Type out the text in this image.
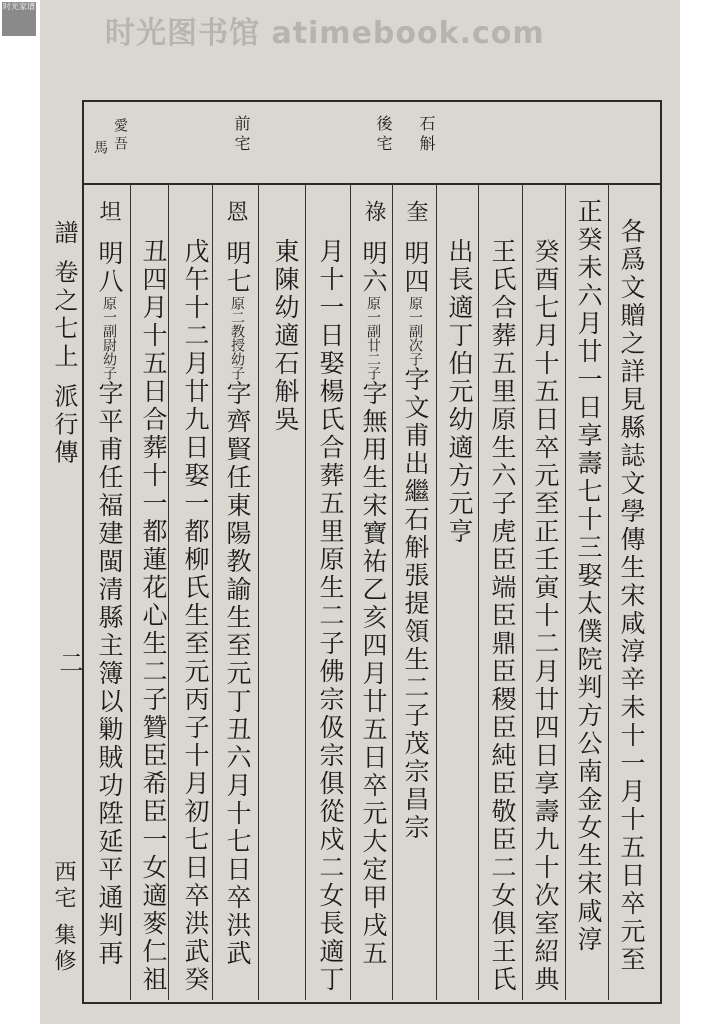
时光家谱
时光图书馆 atimebook.com
石斛
後宅
前宅
愛吾
馬
譜 卷之七上 派行傳
二
西宅 集修
奎
祿
恩
坦
各爲文贈之詳見縣誌文學傳生宋咸淳辛未十一月十五日卒元至
正癸未六月廿一日享壽七十三娶太僕院判方公南金女生宋咸淳
癸酉七月十五日卒元至正壬寅十二月廿四日享壽九十次室紹典
王氏合葬五里原生六子虎臣端臣鼎臣稷臣純臣敬臣二女俱王氏
出長適丁伯元幼適方元亨
明四原一副次子字文甫出繼石斛張提領生二子茂宗昌宗
明六原一副廿二子字無用生宋寶祐乙亥四月廿五日卒元大定甲戌五
月十一日娶楊氏合葬五里原生二子佛宗伋宗俱從戍二女長適丁
東陳幼適石斛吳
明七原二教授幼子字齊賢任東陽教諭生至元丁丑六月十七日卒洪武
戊午十二月廿九日娶一都柳氏生至元丙子十月初七日卒洪武癸
丑四月十五日合葬十一都蓮花心生二子贊臣希臣一女適麥仁祖
明八原一副尉幼子字平甫任福建閩清縣主簿以勦賊功陞延平通判再
